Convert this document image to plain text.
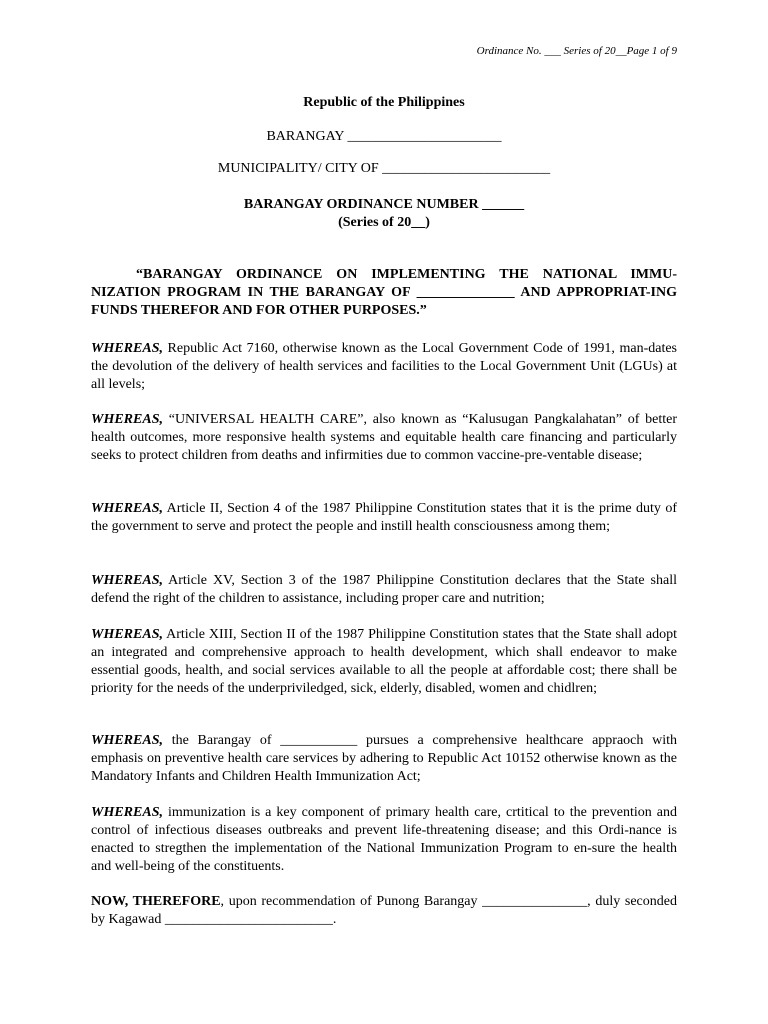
Ordinance No. ___ Series of 20__Page 1 of 9
Republic of the Philippines
BARANGAY ______________________
MUNICIPALITY/ CITY OF ________________________
BARANGAY ORDINANCE NUMBER ______
(Series of 20__)
“BARANGAY ORDINANCE ON IMPLEMENTING THE NATIONAL IMMU-NIZATION PROGRAM IN THE BARANGAY OF ______________ AND APPROPRIAT-ING FUNDS THEREFOR AND FOR OTHER PURPOSES.”

WHEREAS, Republic Act 7160, otherwise known as the Local Government Code of 1991, man-dates the devolution of the delivery of health services and facilities to the Local Government Unit (LGUs) at all levels;

WHEREAS, “UNIVERSAL HEALTH CARE”, also known as “Kalusugan Pangkalahatan” of better health outcomes, more responsive health systems and equitable health care financing and particularly seeks to protect children from deaths and infirmities due to common vaccine-pre-ventable disease;

WHEREAS, Article II, Section 4 of the 1987 Philippine Constitution states that it is the prime duty of the government to serve and protect the people and instill health consciousness among them;

WHEREAS, Article XV, Section 3 of the 1987 Philippine Constitution declares that the State shall defend the right of the children to assistance, including proper care and nutrition;

WHEREAS, Article XIII, Section II of the 1987 Philippine Constitution states that the State shall adopt an integrated and comprehensive approach to health development, which shall endeavor to make essential goods, health, and social services available to all the people at affordable cost; there shall be priority for the needs of the underpriviledged, sick, elderly, disabled, women and chidlren;

WHEREAS, the Barangay of ___________ pursues a comprehensive healthcare appraoch with emphasis on preventive health care services by adhering to Republic Act 10152 otherwise known as the Mandatory Infants and Children Health Immunization Act;

WHEREAS, immunization is a key component of primary health care, crtitical to the prevention and control of infectious diseases outbreaks and prevent life-threatening disease; and this Ordi-nance is enacted to stregthen the implementation of the National Immunization Program to en-sure the health and well-being of the constituents.

NOW, THEREFORE, upon recommendation of Punong Barangay _______________, duly seconded by Kagawad ________________________.
